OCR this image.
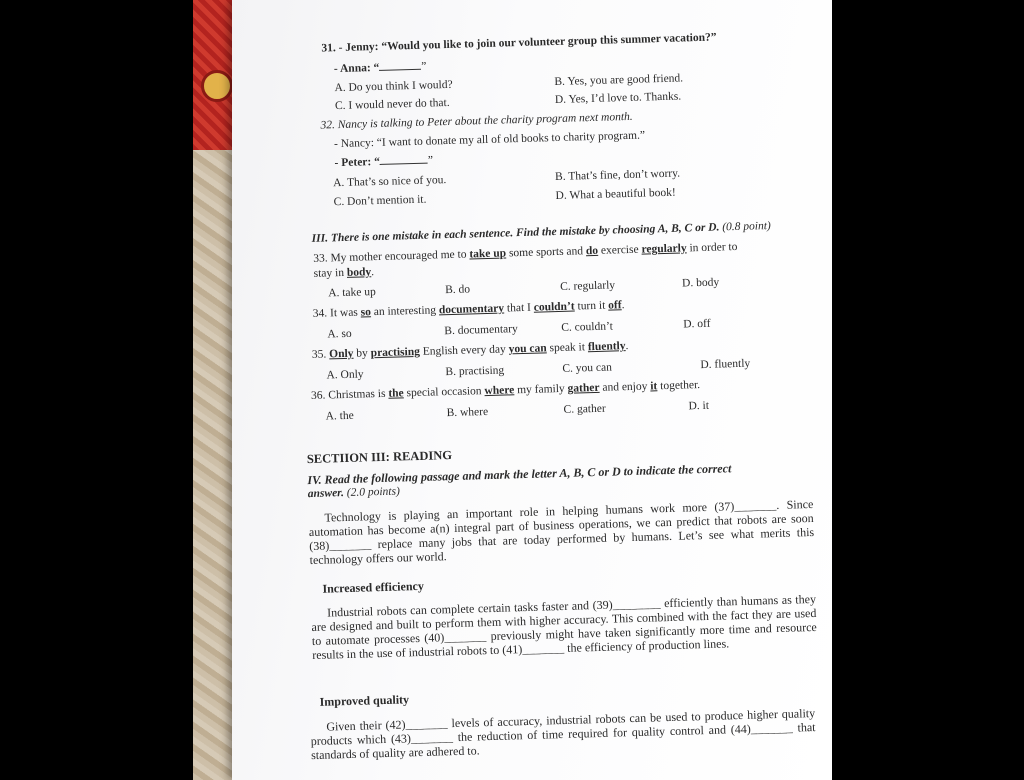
31. - Jenny: “Would you like to join our volunteer group this summer vacation?”
- Anna: “	”
A. Do you think I would?	B. Yes, you are good friend.
C. I would never do that.	D. Yes, I’d love to. Thanks.
32. Nancy is talking to Peter about the charity program next month.
- Nancy: “I want to donate my all of old books to charity program.”
- Peter: “	”
A. That’s so nice of you.	B. That’s fine, don’t worry.
C. Don’t mention it.	D. What a beautiful book!
III. There is one mistake in each sentence. Find the mistake by choosing A, B, C or D. (0.8 point)
33. My mother encouraged me to take up some sports and do exercise regularly in order to
stay in body.
A. take up	B. do	C. regularly	D. body
34. It was so an interesting documentary that I couldn’t turn it off.
A. so	B. documentary	C. couldn’t	D. off
35. Only by practising English every day you can speak it fluently.
A. Only	B. practising	C. you can	D. fluently
36. Christmas is the special occasion where my family gather and enjoy it together.
A. the	B. where	C. gather	D. it
SECTIION III: READING
IV. Read the following passage and mark the letter A, B, C or D to indicate the correct
answer. (2.0 points)
Technology is playing an important role in helping humans work more (37)_______. Since automation has become a(n) integral part of business operations, we can predict that robots are soon (38)_______ replace many jobs that are today performed by humans. Let’s see what merits this technology offers our world.
Increased efficiency
Industrial robots can complete certain tasks faster and (39)________ efficiently than humans as they are designed and built to perform them with higher accuracy. This combined with the fact they are used to automate processes (40)_______ previously might have taken significantly more time and resource results in the use of industrial robots to (41)_______ the efficiency of production lines.
Improved quality
Given their (42)_______ levels of accuracy, industrial robots can be used to produce higher quality products which (43)_______ the reduction of time required for quality control and (44)_______ that standards of quality are adhered to.
